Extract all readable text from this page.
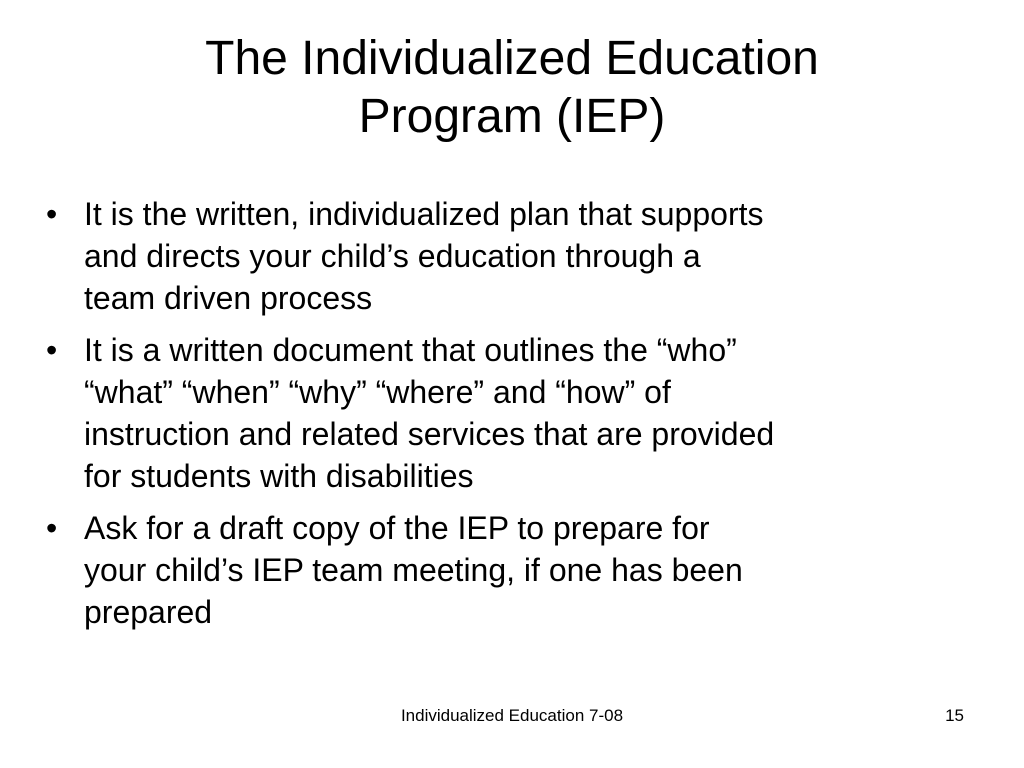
The Individualized Education
Program (IEP)
• It is the written, individualized plan that supports
and directs your child’s education through a
team driven process
• It is a written document that outlines the “who”
“what” “when” “why” “where” and “how” of
instruction and related services that are provided
for students with disabilities
• Ask for a draft copy of the IEP to prepare for
your child’s IEP team meeting, if one has been
prepared
Individualized Education 7-08	15
